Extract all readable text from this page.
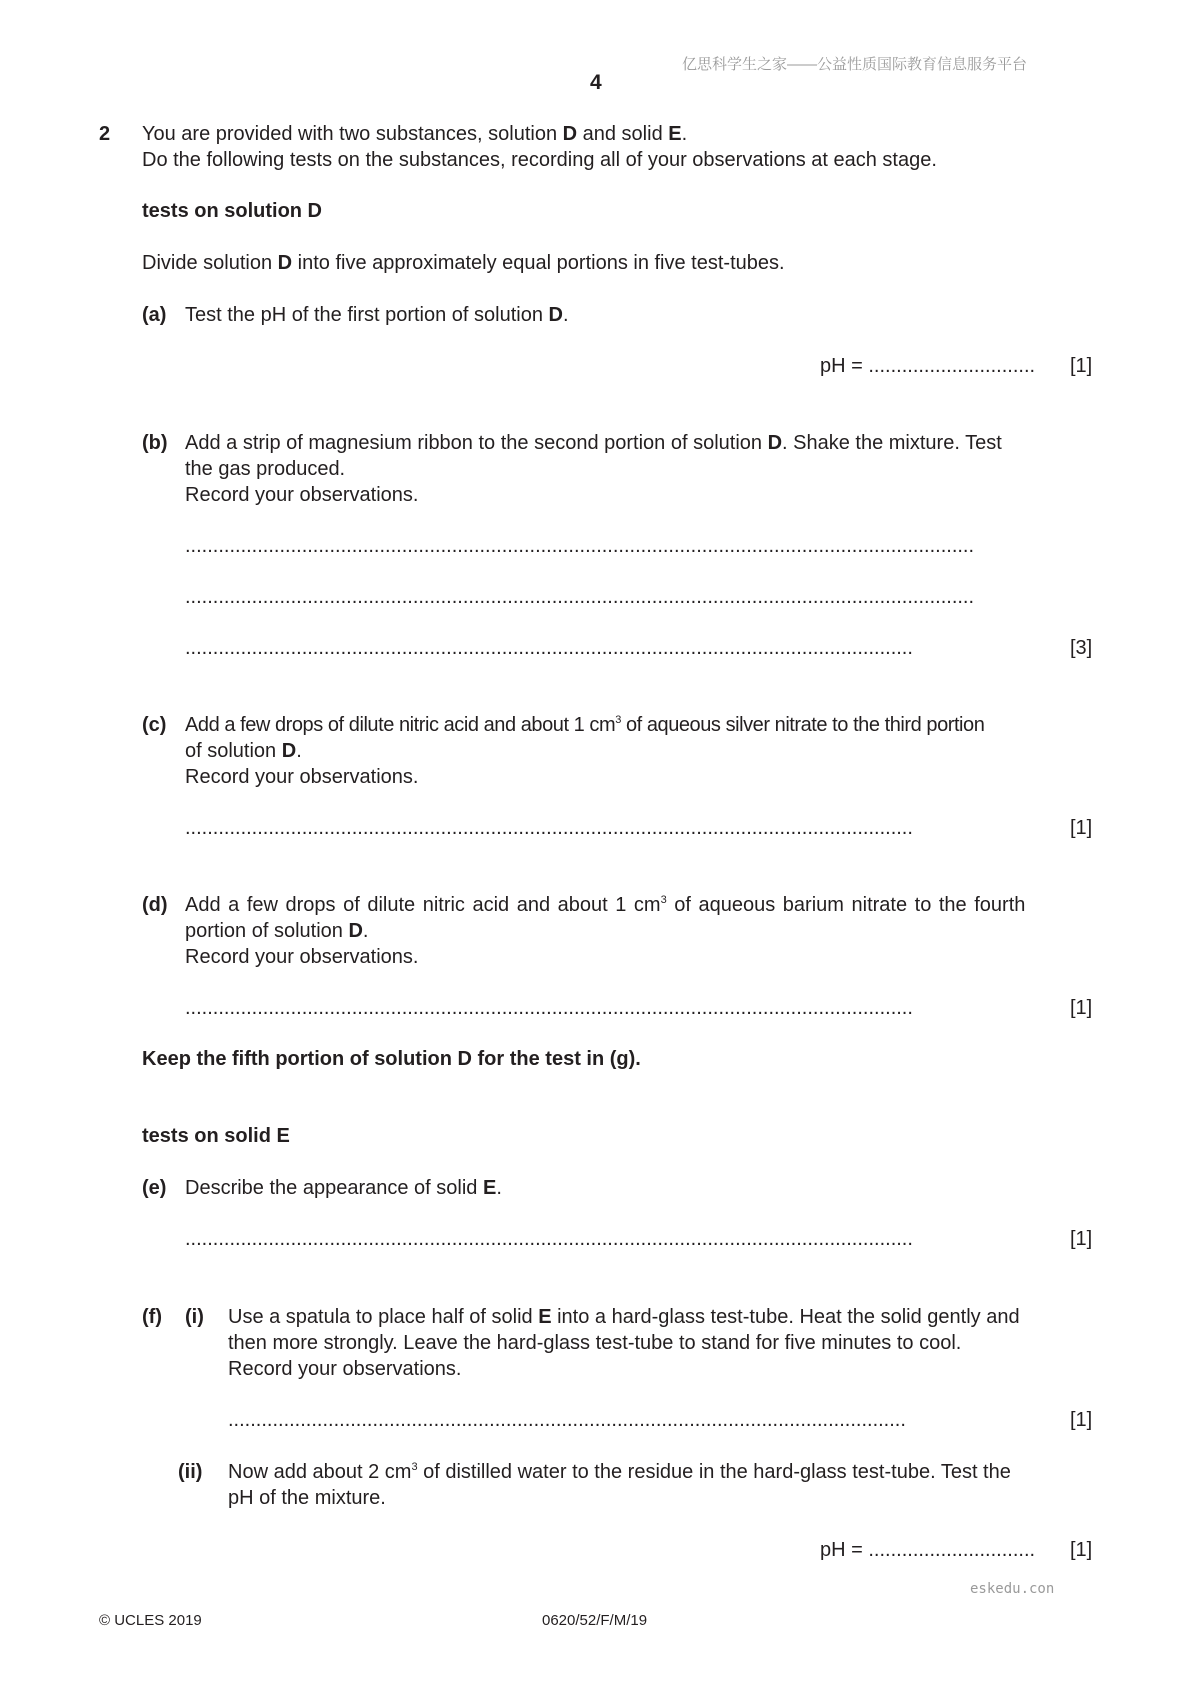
亿思科学生之家——公益性质国际教育信息服务平台
4
2 You are provided with two substances, solution D and solid E.
Do the following tests on the substances, recording all of your observations at each stage.
tests on solution D
Divide solution D into five approximately equal portions in five test-tubes.
(a) Test the pH of the first portion of solution D.
pH = .............................. [1]
(b) Add a strip of magnesium ribbon to the second portion of solution D. Shake the mixture. Test
the gas produced.
Record your observations.
..............................................................................................................................................
..............................................................................................................................................
...................................................................................................................................	[3]
(c) Add a few drops of dilute nitric acid and about 1 $cm^3$ of aqueous silver nitrate to the third portion
of solution D.
Record your observations.
...................................................................................................................................	[1]
(d) Add a few drops of dilute nitric acid and about 1 $cm^3$ of aqueous barium nitrate to the fourth
portion of solution D.
Record your observations.
...................................................................................................................................	[1]
Keep the fifth portion of solution D for the test in (g).
tests on solid E
(e) Describe the appearance of solid E.
...................................................................................................................................	[1]
(f) (i) Use a spatula to place half of solid E into a hard-glass test-tube. Heat the solid gently and
then more strongly. Leave the hard-glass test-tube to stand for five minutes to cool.
Record your observations.
..........................................................................................................................	[1]
(ii) Now add about 2 $cm^3$ of distilled water to the residue in the hard-glass test-tube. Test the
pH of the mixture.
pH = .............................. [1]
eskedu.con
© UCLES 2019	0620/52/F/M/19
